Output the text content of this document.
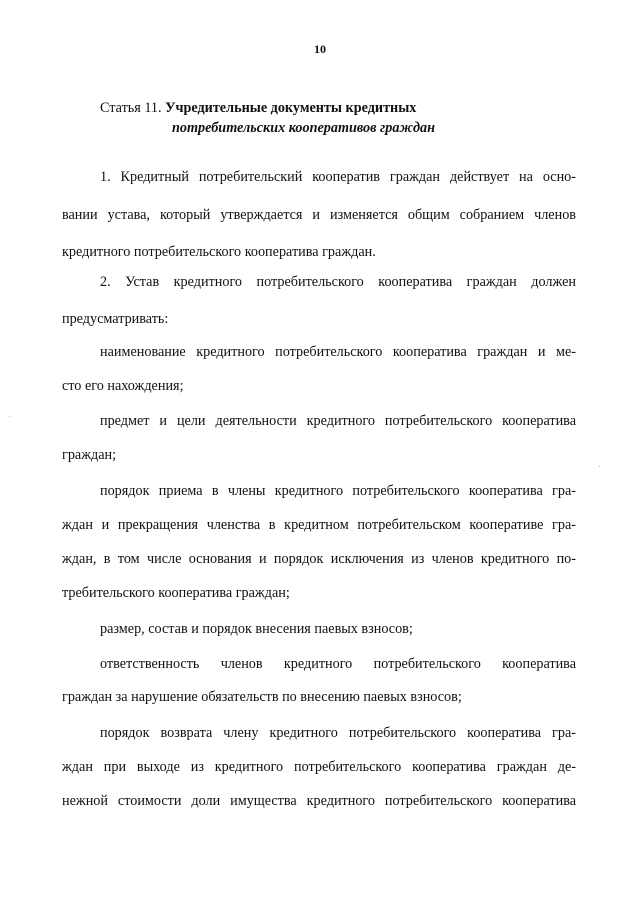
10
Статья 11. Учредительные документы кредитных
потребительских кооперативов граждан
1. Кредитный потребительский кооператив граждан действует на осно-
вании устава, который утверждается и изменяется общим собранием членов
кредитного потребительского кооператива граждан.
2. Устав кредитного потребительского кооператива граждан должен
предусматривать:
наименование кредитного потребительского кооператива граждан и ме-
сто его нахождения;
предмет и цели деятельности кредитного потребительского кооператива
граждан;
порядок приема в члены кредитного потребительского кооператива гра-
ждан и прекращения членства в кредитном потребительском кооперативе гра-
ждан, в том числе основания и порядок исключения из членов кредитного по-
требительского кооператива граждан;
размер, состав и порядок внесения паевых взносов;
ответственность членов кредитного потребительского кооператива
граждан за нарушение обязательств по внесению паевых взносов;
порядок возврата члену кредитного потребительского кооператива гра-
ждан при выходе из кредитного потребительского кооператива граждан де-
нежной стоимости доли имущества кредитного потребительского кооператива
·
·
